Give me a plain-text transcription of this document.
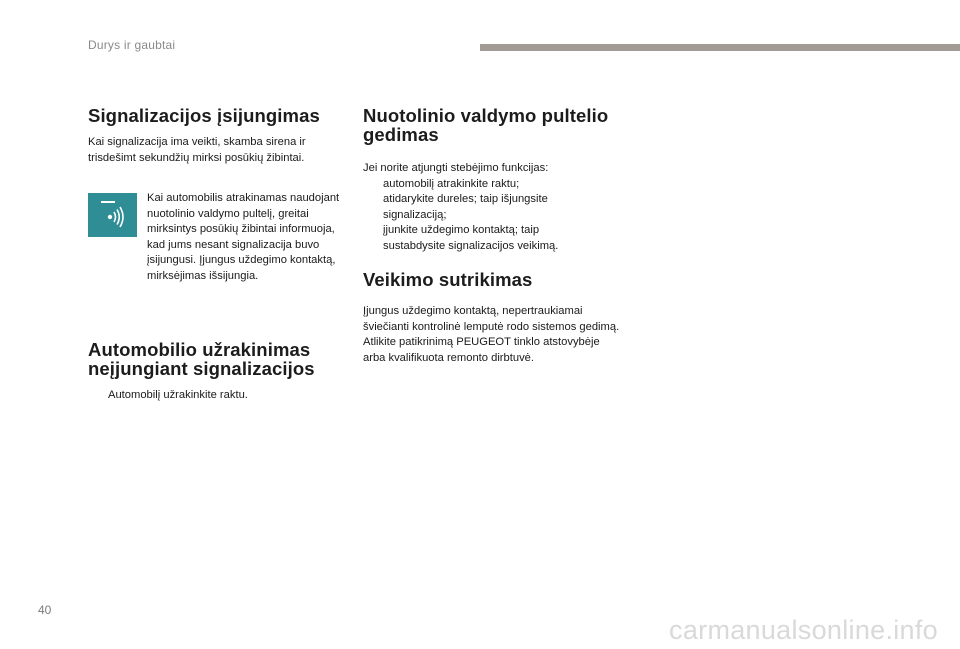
Durys ir gaubtai
Signalizacijos įsijungimas

Kai signalizacija ima veikti, skamba sirena ir trisdešimt sekundžių mirksi posūkių žibintai.

Kai automobilis atrakinamas naudojant nuotolinio valdymo pultelį, greitai mirksintys posūkių žibintai informuoja, kad jums nesant signalizacija buvo įsijungusi. Įjungus uždegimo kontaktą, mirksėjimas išsijungia.

Automobilio užrakinimas
neįjungiant signalizacijos
Automobilį užrakinkite raktu.
Nuotolinio valdymo pultelio
gedimas

Jei norite atjungti stebėjimo funkcijas:

automobilį atrakinkite raktu;
atidarykite dureles; taip išjungsite signalizaciją;
įjunkite uždegimo kontaktą; taip sustabdysite signalizacijos veikimą.
Veikimo sutrikimas

Įjungus uždegimo kontaktą, nepertraukiamai šviečianti kontrolinė lemputė rodo sistemos gedimą.

Atlikite patikrinimą PEUGEOT tinklo atstovybėje arba kvalifikuota remonto dirbtuvė.

40
carmanualsonline.info
